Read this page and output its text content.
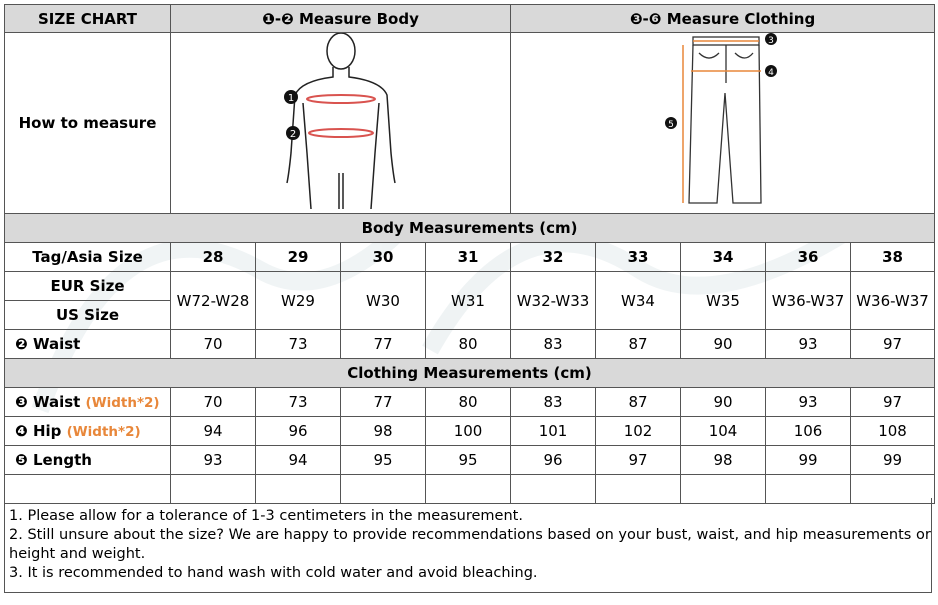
SIZE CHART	❶-❷ Measure Body				❸-❻ Measure Clothing				
How to measure	1
2				3
4
5				

Body Measurements (cm)									
Tag/Asia Size	28	29	30	31	32	33	34	36	38
EUR Size	W72-W28	W29	W30	W31	W32-W33	W34	W35	W36-W37	W36-W37
US Size									
❷ Waist	70	73	77	80	83	87	90	93	97
Clothing Measurements (cm)									
❸ Waist (Width*2)	70	73	77	80	83	87	90	93	97
❹ Hip (Width*2)	94	96	98	100	101	102	104	106	108
❺ Length	93	94	95	95	96	97	98	99	99

1. Please allow for a tolerance of 1-3 centimeters in the measurement.
2. Still unsure about the size? We are happy to provide recommendations based on your bust, waist, and hip measurements or height and weight.
3. It is recommended to hand wash with cold water and avoid bleaching.
